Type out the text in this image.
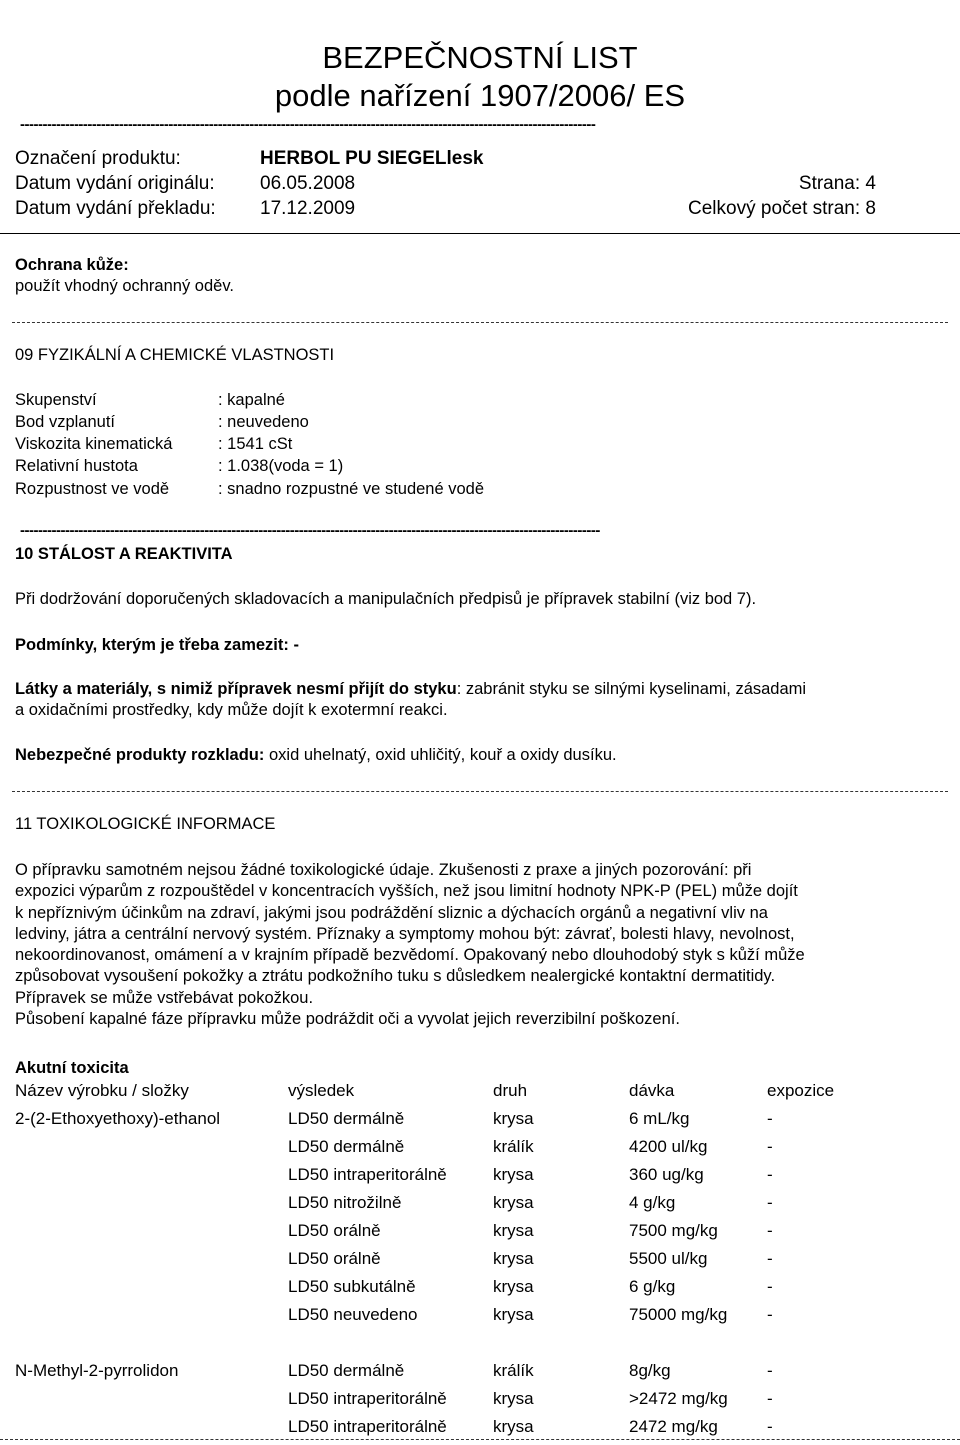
BEZPEČNOSTNÍ LIST
podle nařízení 1907/2006/ ES
--------------------------------------------------------------------------------------------------------------------------------
Označení produktu:	HERBOL PU SIEGELlesk
Datum vydání originálu: 06.05.2008	Strana: 4
Datum vydání překladu: 17.12.2009	Celkový počet stran: 8
Ochrana kůže:
použít vhodný ochranný oděv.
09 FYZIKÁLNÍ A CHEMICKÉ VLASTNOSTI
Skupenství	: kapalné
Bod vzplanutí	: neuvedeno
Viskozita kinematická	: 1541 cSt
Relativní hustota	: 1.038(voda = 1)
Rozpustnost ve vodě	: snadno rozpustné ve studené vodě
---------------------------------------------------------------------------------------------------------------------------------
10 STÁLOST A REAKTIVITA
Při dodržování doporučených skladovacích a manipulačních předpisů je přípravek stabilní (viz bod 7).
Podmínky, kterým je třeba zamezit: -
Látky a materiály, s nimiž přípravek nesmí přijít do styku: zabránit styku se silnými kyselinami, zásadami
a oxidačními prostředky, kdy může dojít k exotermní reakci.
Nebezpečné produkty rozkladu: oxid uhelnatý, oxid uhličitý, kouř a oxidy dusíku.
11 TOXIKOLOGICKÉ INFORMACE
O přípravku samotném nejsou žádné toxikologické údaje. Zkušenosti z praxe a jiných pozorování: při
expozici výparům z rozpouštědel v koncentracích vyšších, než jsou limitní hodnoty NPK-P (PEL) může dojít
k nepříznivým účinkům na zdraví, jakými jsou podráždění sliznic a dýchacích orgánů a negativní vliv na
ledviny, játra a centrální nervový systém. Příznaky a symptomy mohou být: závrať, bolesti hlavy, nevolnost,
nekoordinovanost, omámení a v krajním případě bezvědomí. Opakovaný nebo dlouhodobý styk s kůží může
způsobovat vysoušení pokožky a ztrátu podkožního tuku s důsledkem nealergické kontaktní dermatitidy.
Přípravek se může vstřebávat pokožkou.
Působení kapalné fáze přípravku může podráždit oči a vyvolat jejich reverzibilní poškození.
Akutní toxicita
Název výrobku / složky	výsledek	druh	dávka	expozice
2-(2-Ethoxyethoxy)-ethanol	LD50 dermálně	krysa	6 mL/kg	-
	LD50 dermálně	králík	4200 ul/kg	-
	LD50 intraperitorálně	krysa	360 ug/kg	-
	LD50 nitrožilně	krysa	4 g/kg	-
	LD50 orálně	krysa	7500 mg/kg	-
	LD50 orálně	krysa	5500 ul/kg	-
	LD50 subkutálně	krysa	6 g/kg	-
	LD50 neuvedeno	krysa	75000 mg/kg	-

N-Methyl-2-pyrrolidon	LD50 dermálně	králík	8g/kg	-
	LD50 intraperitorálně	krysa	>2472 mg/kg	-
	LD50 intraperitorálně	krysa	2472 mg/kg	-
